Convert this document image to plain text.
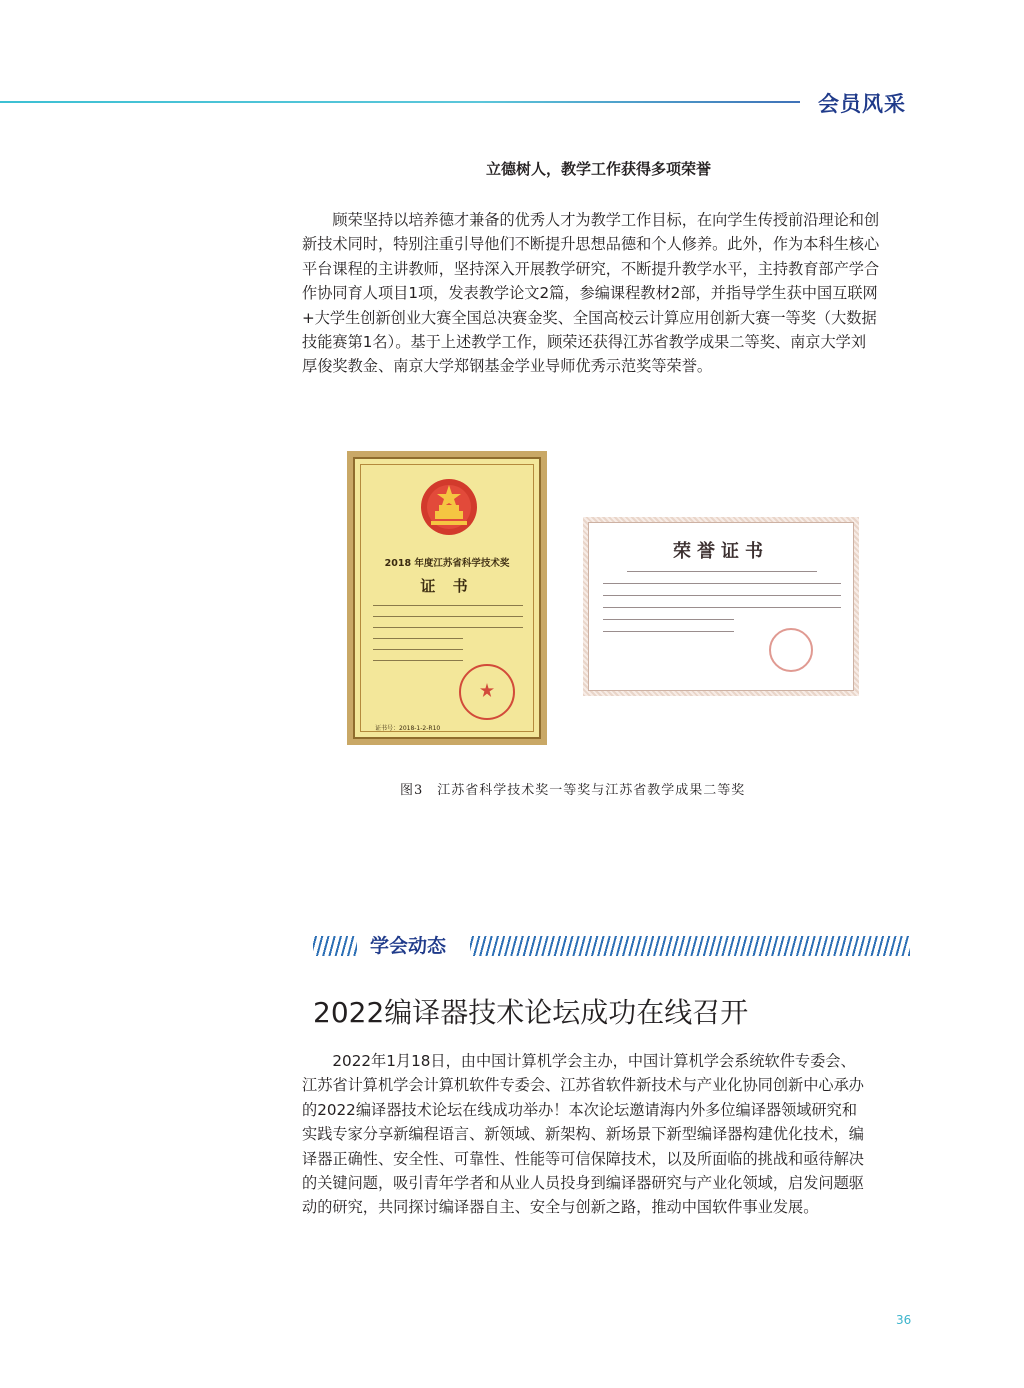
会员风采
立德树人，教学工作获得多项荣誉
顾荣坚持以培养德才兼备的优秀人才为教学工作目标，在向学生传授前沿理论和创
新技术同时，特别注重引导他们不断提升思想品德和个人修养。此外，作为本科生核心
平台课程的主讲教师，坚持深入开展教学研究，不断提升教学水平，主持教育部产学合
作协同育人项目1项，发表教学论文2篇，参编课程教材2部，并指导学生获中国互联网
+大学生创新创业大赛全国总决赛金奖、全国高校云计算应用创新大赛一等奖（大数据
技能赛第1名）。基于上述教学工作，顾荣还获得江苏省教学成果二等奖、南京大学刘
厚俊奖教金、南京大学郑钢基金学业导师优秀示范奖等荣誉。
2018 年度江苏省科学技术奖
证 书
证书号：2018-1-2-R10
荣誉证书
图3　江苏省科学技术奖一等奖与江苏省教学成果二等奖
学会动态
2022编译器技术论坛成功在线召开
2022年1月18日，由中国计算机学会主办，中国计算机学会系统软件专委会、
江苏省计算机学会计算机软件专委会、江苏省软件新技术与产业化协同创新中心承办
的2022编译器技术论坛在线成功举办！本次论坛邀请海内外多位编译器领域研究和
实践专家分享新编程语言、新领域、新架构、新场景下新型编译器构建优化技术，编
译器正确性、安全性、可靠性、性能等可信保障技术，以及所面临的挑战和亟待解决
的关键问题，吸引青年学者和从业人员投身到编译器研究与产业化领域，启发问题驱
动的研究，共同探讨编译器自主、安全与创新之路，推动中国软件事业发展。
36
